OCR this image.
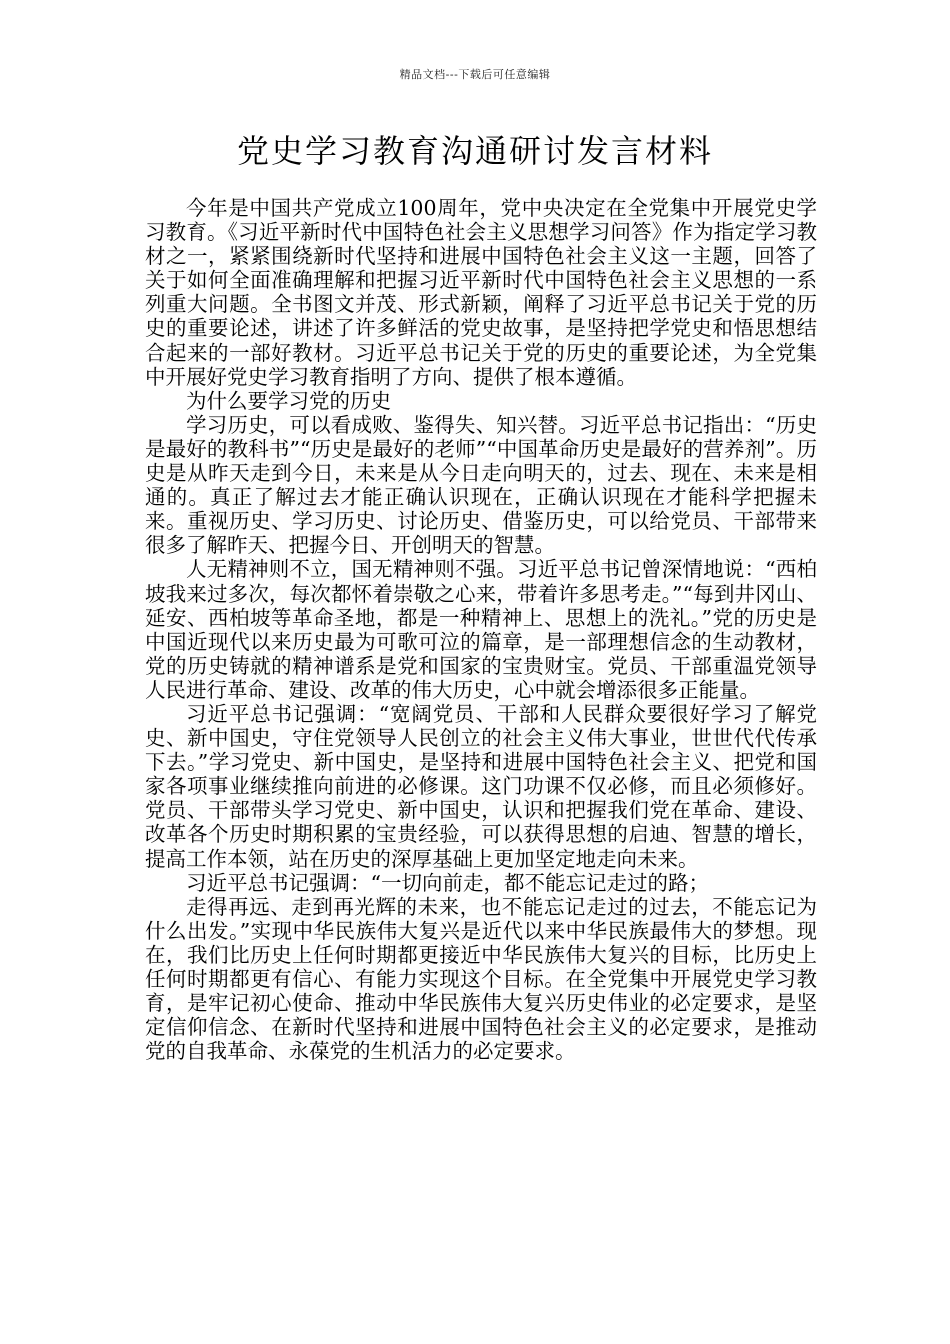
精品文档---下载后可任意编辑
党史学习教育沟通研讨发言材料

今年是中国共产党成立100周年，党中央决定在全党集中开展党史学习教育。《习近平新时代中国特色社会主义思想学习问答》作为指定学习教材之一，紧紧围绕新时代坚持和进展中国特色社会主义这一主题，回答了关于如何全面准确理解和把握习近平新时代中国特色社会主义思想的一系列重大问题。全书图文并茂、形式新颖，阐释了习近平总书记关于党的历史的重要论述，讲述了许多鲜活的党史故事，是坚持把学党史和悟思想结合起来的一部好教材。习近平总书记关于党的历史的重要论述，为全党集中开展好党史学习教育指明了方向、提供了根本遵循。

为什么要学习党的历史

学习历史，可以看成败、鉴得失、知兴替。习近平总书记指出：“历史是最好的教科书”“历史是最好的老师”“中国革命历史是最好的营养剂”。历史是从昨天走到今日，未来是从今日走向明天的，过去、现在、未来是相通的。真正了解过去才能正确认识现在，正确认识现在才能科学把握未来。重视历史、学习历史、讨论历史、借鉴历史，可以给党员、干部带来很多了解昨天、把握今日、开创明天的智慧。

人无精神则不立，国无精神则不强。习近平总书记曾深情地说：“西柏坡我来过多次，每次都怀着崇敬之心来，带着许多思考走。”“每到井冈山、延安、西柏坡等革命圣地，都是一种精神上、思想上的洗礼。”党的历史是中国近现代以来历史最为可歌可泣的篇章，是一部理想信念的生动教材，党的历史铸就的精神谱系是党和国家的宝贵财宝。党员、干部重温党领导人民进行革命、建设、改革的伟大历史，心中就会增添很多正能量。

习近平总书记强调：“宽阔党员、干部和人民群众要很好学习了解党史、新中国史，守住党领导人民创立的社会主义伟大事业，世世代代传承下去。”学习党史、新中国史，是坚持和进展中国特色社会主义、把党和国家各项事业继续推向前进的必修课。这门功课不仅必修，而且必须修好。党员、干部带头学习党史、新中国史，认识和把握我们党在革命、建设、改革各个历史时期积累的宝贵经验，可以获得思想的启迪、智慧的增长，提高工作本领，站在历史的深厚基础上更加坚定地走向未来。

习近平总书记强调：“一切向前走，都不能忘记走过的路；

走得再远、走到再光辉的未来，也不能忘记走过的过去，不能忘记为什么出发。”实现中华民族伟大复兴是近代以来中华民族最伟大的梦想。现在，我们比历史上任何时期都更接近中华民族伟大复兴的目标，比历史上任何时期都更有信心、有能力实现这个目标。在全党集中开展党史学习教育，是牢记初心使命、推动中华民族伟大复兴历史伟业的必定要求，是坚定信仰信念、在新时代坚持和进展中国特色社会主义的必定要求，是推动党的自我革命、永葆党的生机活力的必定要求。
